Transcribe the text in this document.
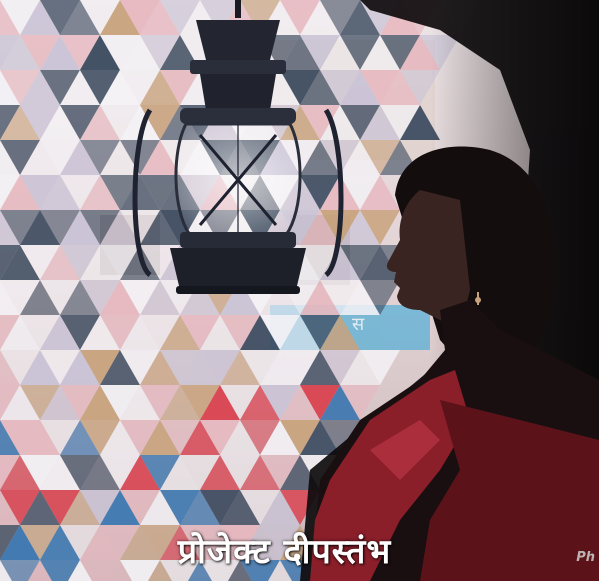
स
प्रोजेक्ट दीपस्तंभ	Ph
